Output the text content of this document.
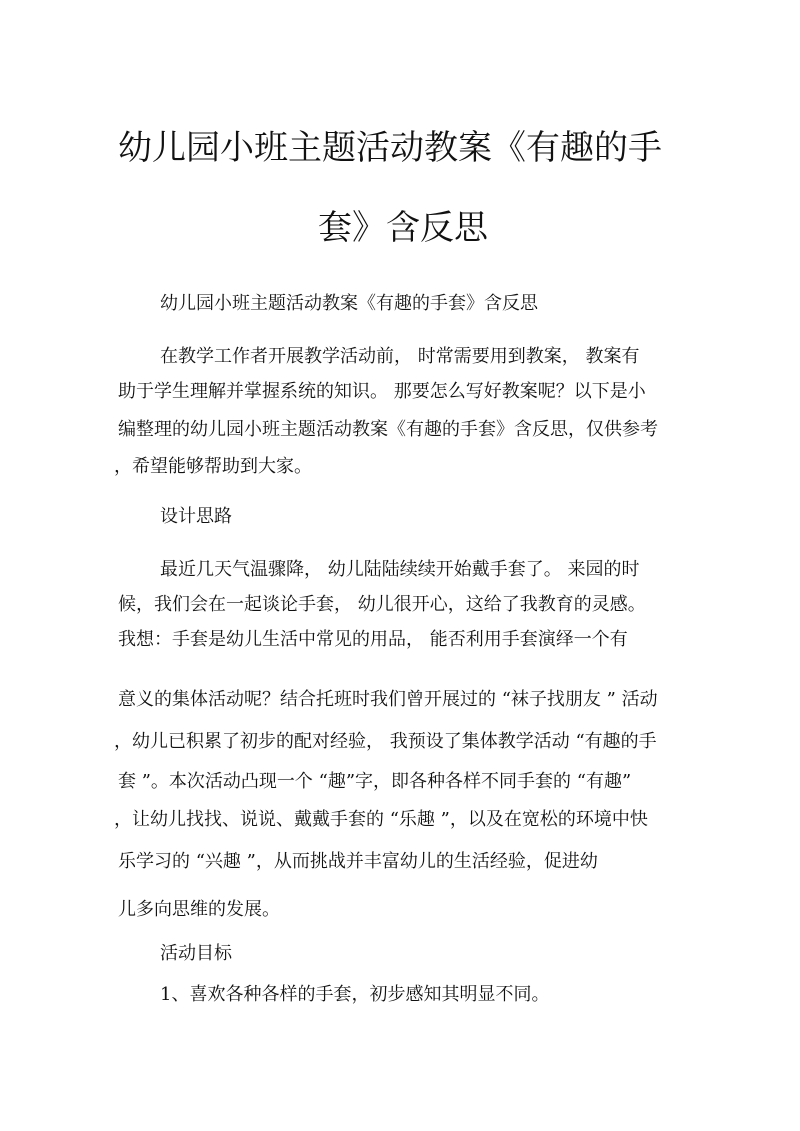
幼儿园小班主题活动教案《有趣的手
套》含反思
幼儿园小班主题活动教案《有趣的手套》含反思
在教学工作者开展教学活动前， 时常需要用到教案， 教案有
助于学生理解并掌握系统的知识。 那要怎么写好教案呢？以下是小
编整理的幼儿园小班主题活动教案《有趣的手套》含反思，仅供参考
，希望能够帮助到大家。
设计思路
最近几天气温骤降， 幼儿陆陆续续开始戴手套了。 来园的时
候，我们会在一起谈论手套， 幼儿很开心，这给了我教育的灵感。
我想：手套是幼儿生活中常见的用品， 能否利用手套演绎一个有
意义的集体活动呢？结合托班时我们曾开展过的 “袜子找朋友 ” 活动
，幼儿已积累了初步的配对经验， 我预设了集体教学活动 “有趣的手
套 ”。本次活动凸现一个 “趣”字，即各种各样不同手套的 “有趣”
，让幼儿找找、说说、戴戴手套的 “乐趣 ”，以及在宽松的环境中快
乐学习的 “兴趣 ”，从而挑战并丰富幼儿的生活经验，促进幼
儿多向思维的发展。
活动目标
1、喜欢各种各样的手套，初步感知其明显不同。
